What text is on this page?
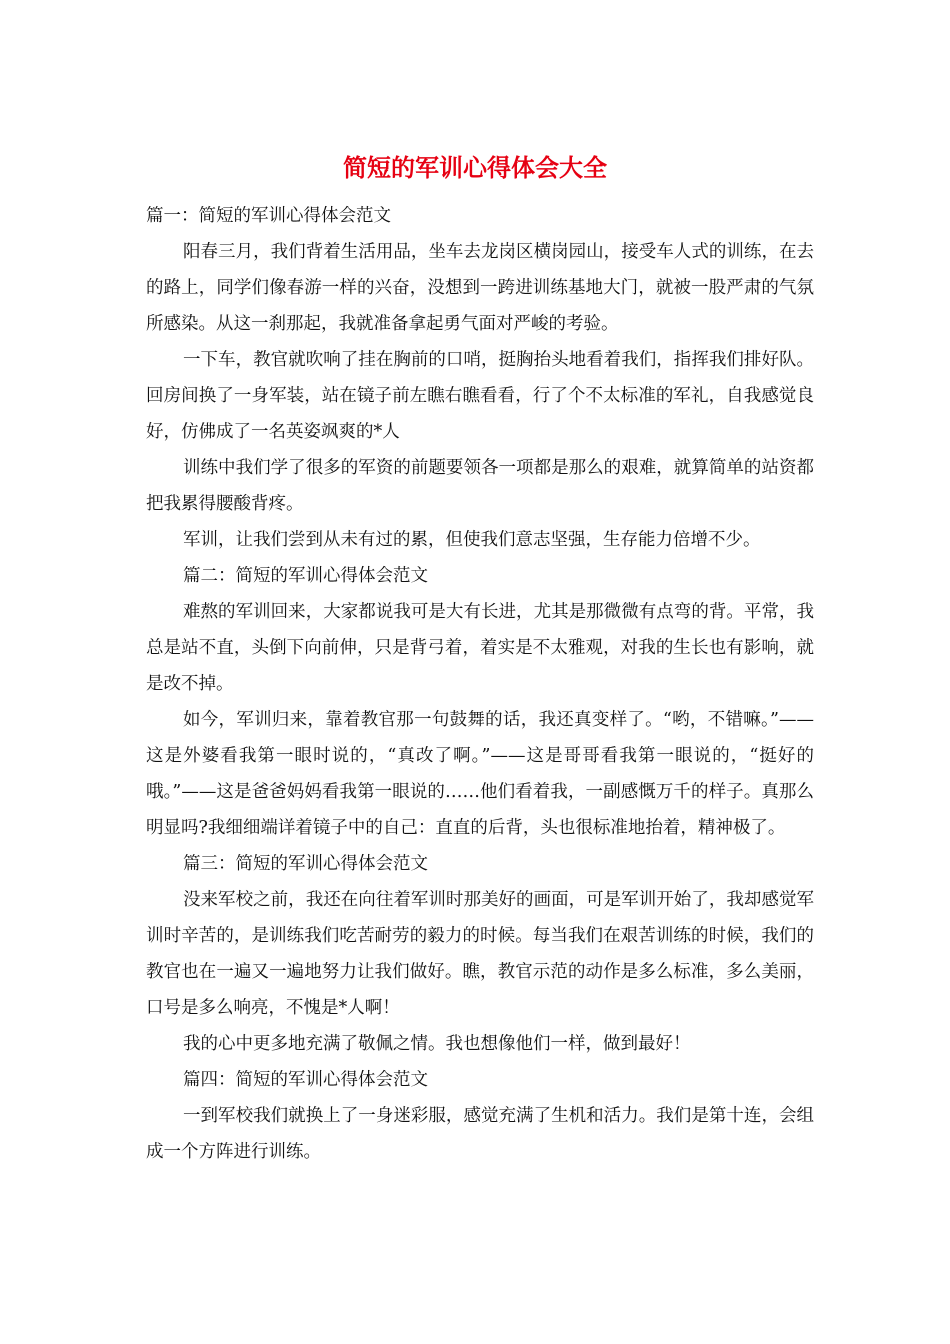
简短的军训心得体会大全

篇一：简短的军训心得体会范文

阳春三月，我们背着生活用品，坐车去龙岗区横岗园山，接受车人式的训练，在去的路上，同学们像春游一样的兴奋，没想到一跨进训练基地大门，就被一股严肃的气氛所感染。从这一刹那起，我就准备拿起勇气面对严峻的考验。

一下车，教官就吹响了挂在胸前的口哨，挺胸抬头地看着我们，指挥我们排好队。回房间换了一身军装，站在镜子前左瞧右瞧看看，行了个不太标准的军礼，自我感觉良好，仿佛成了一名英姿飒爽的*人

训练中我们学了很多的军资的前题要领各一项都是那么的艰难，就算简单的站资都把我累得腰酸背疼。

军训，让我们尝到从未有过的累，但使我们意志坚强，生存能力倍增不少。

篇二：简短的军训心得体会范文

难熬的军训回来，大家都说我可是大有长进，尤其是那微微有点弯的背。平常，我总是站不直，头倒下向前伸，只是背弓着，着实是不太雅观，对我的生长也有影响，就是改不掉。

如今，军训归来，靠着教官那一句鼓舞的话，我还真变样了。“哟，不错嘛。”——这是外婆看我第一眼时说的，“真改了啊。”——这是哥哥看我第一眼说的，“挺好的哦。”——这是爸爸妈妈看我第一眼说的……他们看着我，一副感慨万千的样子。真那么明显吗?我细细端详着镜子中的自己：直直的后背，头也很标准地抬着，精神极了。

篇三：简短的军训心得体会范文

没来军校之前，我还在向往着军训时那美好的画面，可是军训开始了，我却感觉军训时辛苦的，是训练我们吃苦耐劳的毅力的时候。每当我们在艰苦训练的时候，我们的教官也在一遍又一遍地努力让我们做好。瞧，教官示范的动作是多么标准，多么美丽，口号是多么响亮，不愧是*人啊！

我的心中更多地充满了敬佩之情。我也想像他们一样，做到最好！

篇四：简短的军训心得体会范文

一到军校我们就换上了一身迷彩服，感觉充满了生机和活力。我们是第十连，会组成一个方阵进行训练。
